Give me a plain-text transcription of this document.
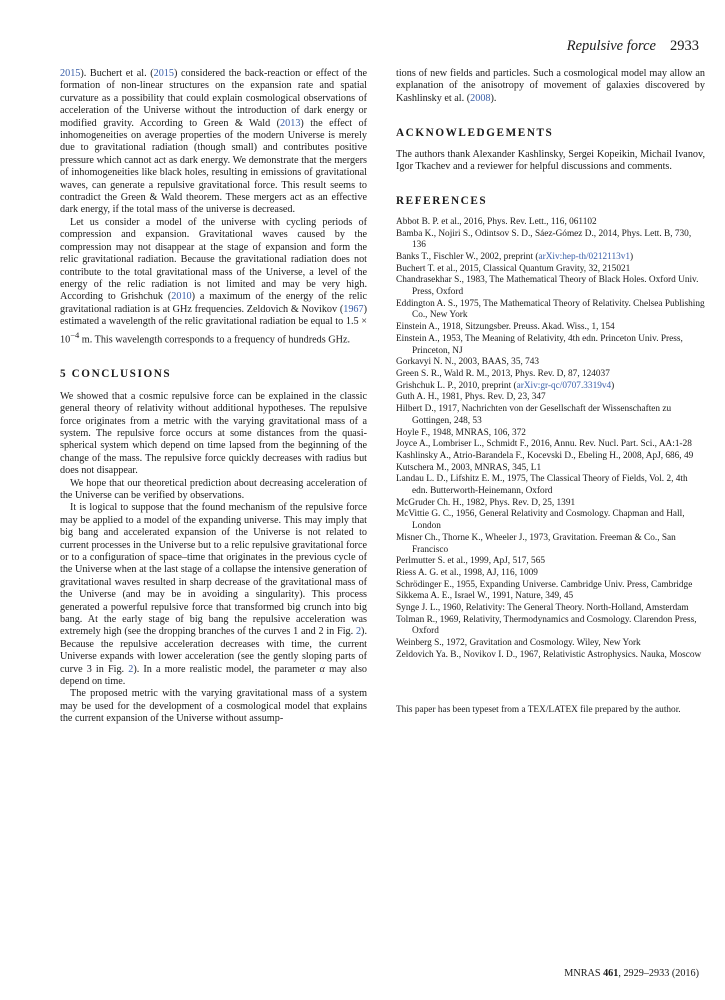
Repulsive force 2933

2015). Buchert et al. (2015) considered the back-reaction or effect of the formation of non-linear structures on the expansion rate and spatial curvature as a possibility that could explain cosmological observations of acceleration of the Universe without the introduction of dark energy or modified gravity. According to Green & Wald (2013) the effect of inhomogeneities on average properties of the modern Universe is merely due to gravitational radiation (though small) and contributes positive pressure which cannot act as dark energy. We demonstrate that the mergers of inhomogeneities like black holes, resulting in emissions of gravitational waves, can generate a repulsive gravitational force. This result seems to contradict the Green & Wald theorem. These mergers act as an effective dark energy, if the total mass of the universe is decreased.

Let us consider a model of the universe with cycling periods of compression and expansion. Gravitational waves caused by the compression may not disappear at the stage of expansion and form the relic gravitational radiation. Because the gravitational radiation does not contribute to the total gravitational mass of the Universe, a level of the energy of the relic radiation is not limited and may be very high. According to Grishchuk (2010) a maximum of the energy of the relic gravitational radiation is at GHz frequencies. Zeldovich & Novikov (1967) estimated a wavelength of the relic gravitational radiation be equal to $1.5 \times 10^{-4}$ m. This wavelength corresponds to a frequency of hundreds GHz.

5 CONCLUSIONS

We showed that a cosmic repulsive force can be explained in the classic general theory of relativity without additional hypotheses. The repulsive force originates from a metric with the varying gravitational mass of a system. The repulsive force occurs at some distances from the quasi-spherical system which depend on time lapsed from the beginning of the change of the mass. The repulsive force quickly decreases with radius but does not disappear.

We hope that our theoretical prediction about decreasing acceleration of the Universe can be verified by observations.

It is logical to suppose that the found mechanism of the repulsive force may be applied to a model of the expanding universe. This may imply that big bang and accelerated expansion of the Universe is not related to current processes in the Universe but to a relic repulsive gravitational force or to a configuration of space–time that originates in the previous cycle of the Universe when at the last stage of a collapse the intensive generation of gravitational waves resulted in sharp decrease of the gravitational mass of the Universe (and may be in avoiding a singularity). This process generated a powerful repulsive force that transformed big crunch into big bang. At the early stage of big bang the repulsive acceleration was extremely high (see the dropping branches of the curves 1 and 2 in Fig. 2). Because the repulsive acceleration decreases with time, the current Universe expands with lower acceleration (see the gently sloping parts of curve 3 in Fig. 2). In a more realistic model, the parameter α may also depend on time.

The proposed metric with the varying gravitational mass of a system may be used for the development of a cosmological model that explains the current expansion of the Universe without assump-

tions of new fields and particles. Such a cosmological model may allow an explanation of the anisotropy of movement of galaxies discovered by Kashlinsky et al. (2008).

ACKNOWLEDGEMENTS

The authors thank Alexander Kashlinsky, Sergei Kopeikin, Michail Ivanov, Igor Tkachev and a reviewer for helpful discussions and comments.

REFERENCES
Abbot B. P. et al., 2016, Phys. Rev. Lett., 116, 061102
Bamba K., Nojiri S., Odintsov S. D., Sáez-Gómez D., 2014, Phys. Lett. B, 730, 136
Banks T., Fischler W., 2002, preprint (arXiv:hep-th/0212113v1)
Buchert T. et al., 2015, Classical Quantum Gravity, 32, 215021
Chandrasekhar S., 1983, The Mathematical Theory of Black Holes. Oxford Univ. Press, Oxford
Eddington A. S., 1975, The Mathematical Theory of Relativity. Chelsea Publishing Co., New York
Einstein A., 1918, Sitzungsber. Preuss. Akad. Wiss., 1, 154
Einstein A., 1953, The Meaning of Relativity, 4th edn. Princeton Univ. Press, Princeton, NJ
Gorkavyi N. N., 2003, BAAS, 35, 743
Green S. R., Wald R. M., 2013, Phys. Rev. D, 87, 124037
Grishchuk L. P., 2010, preprint (arXiv:gr-qc/0707.3319v4)
Guth A. H., 1981, Phys. Rev. D, 23, 347
Hilbert D., 1917, Nachrichten von der Gesellschaft der Wissenschaften zu Gottingen, 248, 53
Hoyle F., 1948, MNRAS, 106, 372
Joyce A., Lombriser L., Schmidt F., 2016, Annu. Rev. Nucl. Part. Sci., AA:1-28
Kashlinsky A., Atrio-Barandela F., Kocevski D., Ebeling H., 2008, ApJ, 686, 49
Kutschera M., 2003, MNRAS, 345, L1
Landau L. D., Lifshitz E. M., 1975, The Classical Theory of Fields, Vol. 2, 4th edn. Butterworth-Heinemann, Oxford
McGruder Ch. H., 1982, Phys. Rev. D, 25, 1391
McVittie G. C., 1956, General Relativity and Cosmology. Chapman and Hall, London
Misner Ch., Thorne K., Wheeler J., 1973, Gravitation. Freeman & Co., San Francisco
Perlmutter S. et al., 1999, ApJ, 517, 565
Riess A. G. et al., 1998, AJ, 116, 1009
Schrödinger E., 1955, Expanding Universe. Cambridge Univ. Press, Cambridge
Sikkema A. E., Israel W., 1991, Nature, 349, 45
Synge J. L., 1960, Relativity: The General Theory. North-Holland, Amsterdam
Tolman R., 1969, Relativity, Thermodynamics and Cosmology. Clarendon Press, Oxford
Weinberg S., 1972, Gravitation and Cosmology. Wiley, New York
Zeldovich Ya. B., Novikov I. D., 1967, Relativistic Astrophysics. Nauka, Moscow

This paper has been typeset from a TEX/LATEX file prepared by the author.

MNRAS 461, 2929–2933 (2016)
